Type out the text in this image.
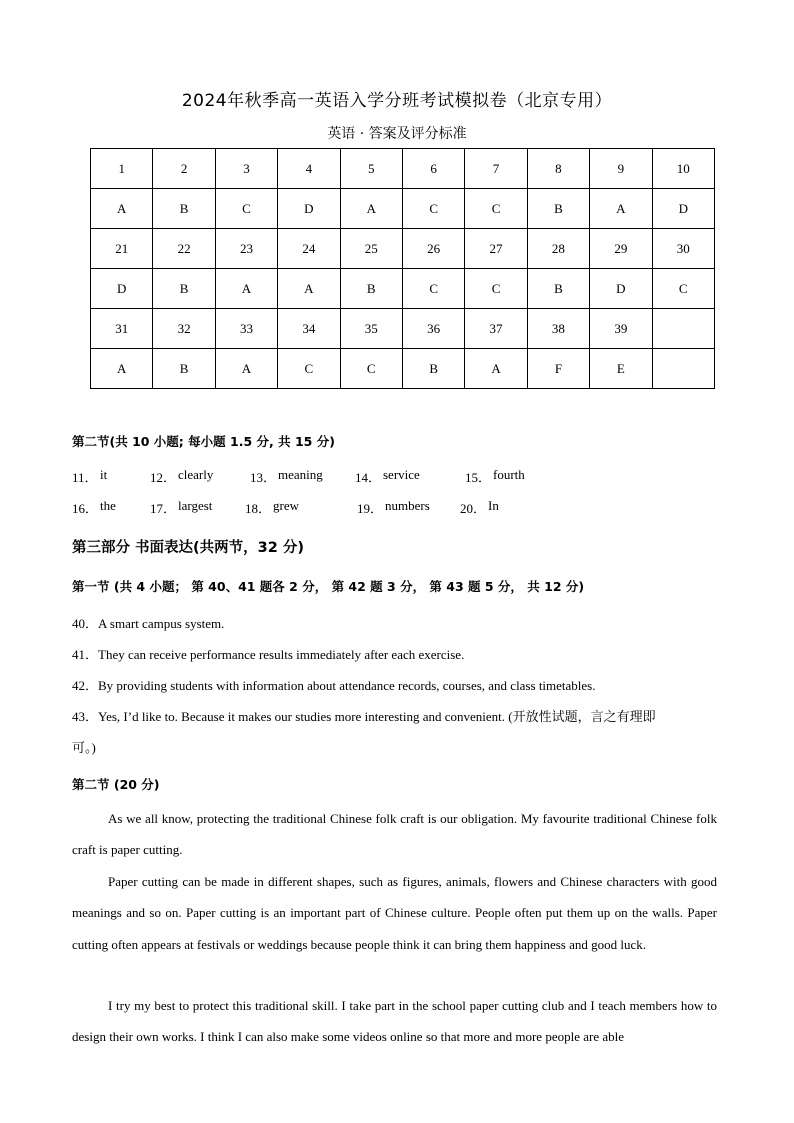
2024年秋季高一英语入学分班考试模拟卷（北京专用）
英语 · 答案及评分标准
1	2	3	4	5	6	7	8	9	10
A	B	C	D	A	C	C	B	A	D
21	22	23	24	25	26	27	28	29	30
D	B	A	A	B	C	C	B	D	C
31	32	33	34	35	36	37	38	39	
A	B	A	C	C	B	A	F	E	
第二节(共 10 小题; 每小题 1.5 分, 共 15 分)
11． it	12． clearly	13． meaning 14． service	15． fourth
16． the	17． largest	18． grew	19． numbers 20． In
第三部分 书面表达(共两节，32 分)
第一节 (共 4 小题； 第 40、41 题各 2 分， 第 42 题 3 分， 第 43 题 5 分， 共 12 分)
40．A smart campus system.
41．They can receive performance results immediately after each exercise.
42．By providing students with information about attendance records, courses, and class timetables.
43．Yes, I’d like to. Because it makes our studies more interesting and convenient. (开放性试题，言之有理即
可。)
第二节 (20 分)
As we all know, protecting the traditional Chinese folk craft is our obligation. My favourite traditional Chinese folk craft is paper cutting.
Paper cutting can be made in different shapes, such as figures, animals, flowers and Chinese characters with good meanings and so on. Paper cutting is an important part of Chinese culture. People often put them up on the walls. Paper cutting often appears at festivals or weddings because people think it can bring them happiness and good luck.
I try my best to protect this traditional skill. I take part in the school paper cutting club and I teach members how to design their own works. I think I can also make some videos online so that more and more people are able
